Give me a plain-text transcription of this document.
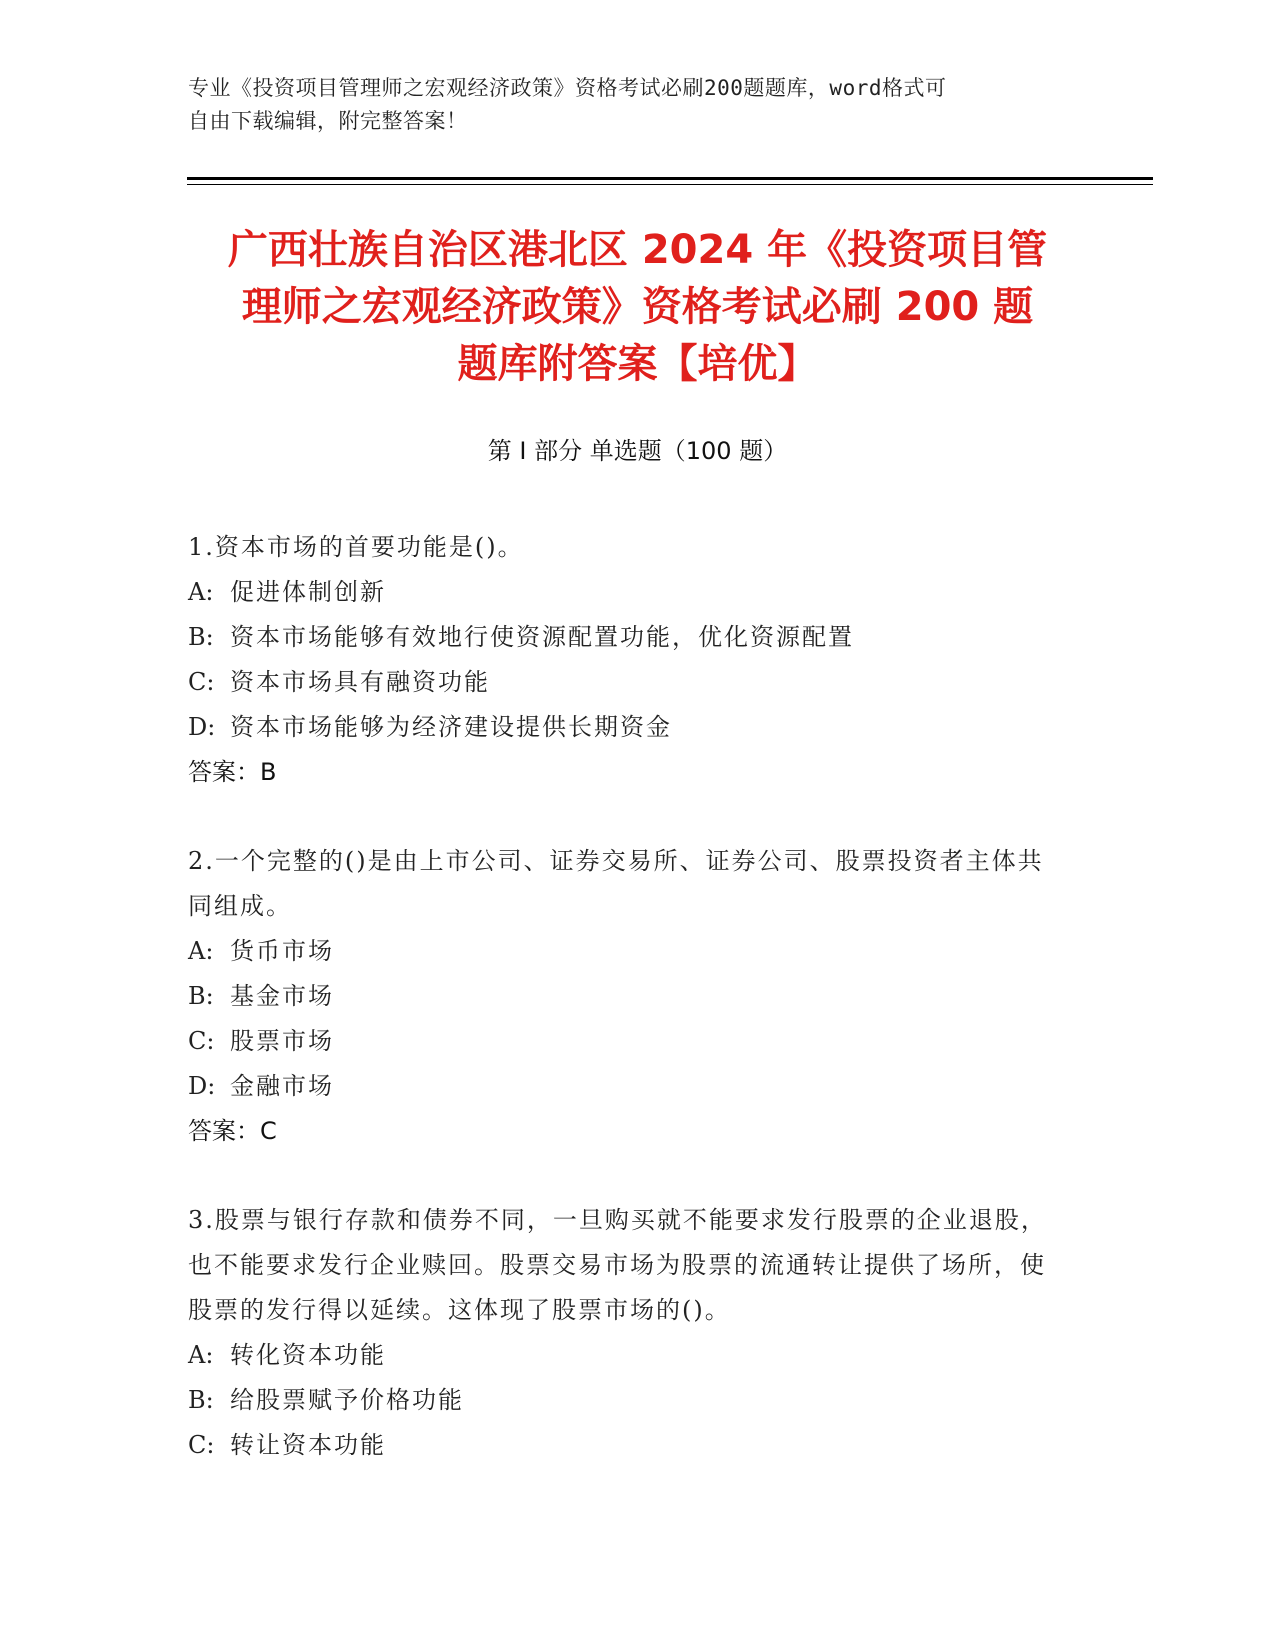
专业《投资项目管理师之宏观经济政策》资格考试必刷200题题库，word格式可
自由下载编辑，附完整答案！
广西壮族自治区港北区 2024 年《投资项目管
理师之宏观经济政策》资格考试必刷 200 题
题库附答案【培优】
第 I 部分 单选题（100 题）
1.资本市场的首要功能是()。
A: 促进体制创新
B: 资本市场能够有效地行使资源配置功能，优化资源配置
C: 资本市场具有融资功能
D: 资本市场能够为经济建设提供长期资金
答案：B
2.一个完整的()是由上市公司、证券交易所、证券公司、股票投资者主体共同组成。
A: 货币市场
B: 基金市场
C: 股票市场
D: 金融市场
答案：C
3.股票与银行存款和债券不同，一旦购买就不能要求发行股票的企业退股，也不能要求发行企业赎回。股票交易市场为股票的流通转让提供了场所，使股票的发行得以延续。这体现了股票市场的()。
A: 转化资本功能
B: 给股票赋予价格功能
C: 转让资本功能
